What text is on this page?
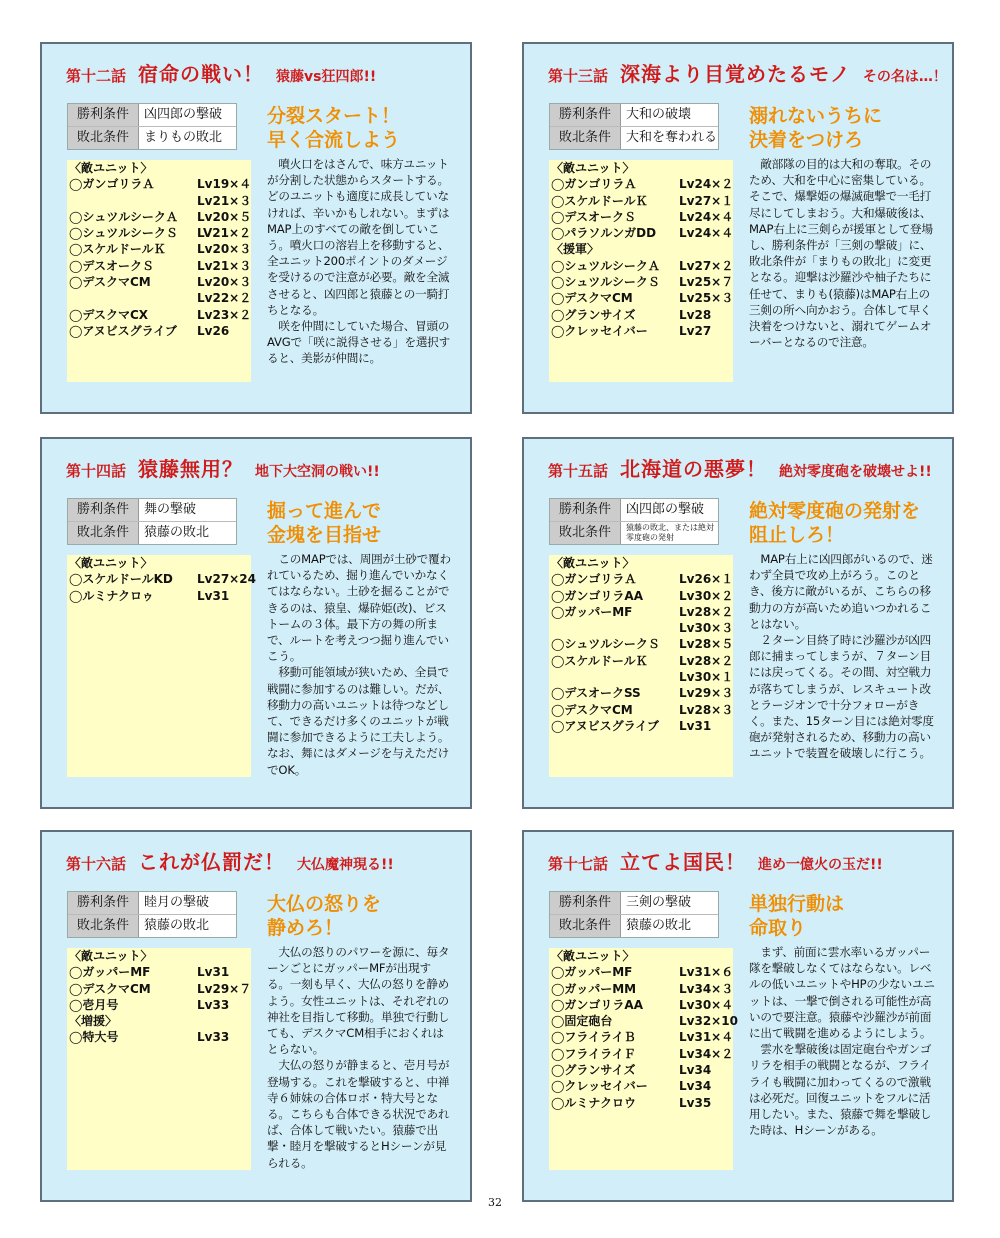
第十二話 宿命の戦い！ 猿藤vs狂四郎!!
勝利条件	凶四郎の撃破
敗北条件	まりもの敗北
〈敵ユニット〉
◯ガンゴリラＡ	Lv19×４
Lv21×３
◯シュツルシークＡ Lv20×５
◯シュツルシークＳ LV21×２
◯スケルドールＫ	Lv20×３
◯デスオークＳ	Lv21×３
◯デスクマCM	Lv20×３
Lv22×２
◯デスクマCX	Lv23×２
◯アヌビスグライブ Lv26
分裂スタート！
早く合流しよう
　噴火口をはさんで、味方ユニットが分割した状態からスタートする。どのユニットも適度に成長していなければ、辛いかもしれない。まずはMAP上のすべての敵を倒していこう。噴火口の溶岩上を移動すると、全ユニット200ポイントのダメージを受けるので注意が必要。敵を全滅させると、凶四郎と猿藤との一騎打ちとなる。
　咲を仲間にしていた場合、冒頭のAVGで「咲に説得させる」を選択すると、美影が仲間に。
第十三話 深海より目覚めたるモノ その名は…！
勝利条件	大和の破壊
敗北条件	大和を奪われる
〈敵ユニット〉
◯ガンゴリラＡ	Lv24×２
◯スケルドールＫ	Lv27×１
◯デスオークＳ	Lv24×４
◯パラソルンガDD Lv24×４
〈援軍〉
◯シュツルシークＡ Lv27×２
◯シュツルシークＳ Lv25×７
◯デスクマCM	Lv25×３
◯グランサイズ	Lv28
◯クレッセイバー	Lv27
溺れないうちに
決着をつけろ
　敵部隊の目的は大和の奪取。そのため、大和を中心に密集している。そこで、爆撃姫の爆滅砲撃で一毛打尽にしてしまおう。大和爆破後は、MAP右上に三剣らが援軍として登場し、勝利条件が「三剣の撃破」に、敗北条件が「まりもの敗北」に変更となる。迎撃は沙羅沙や柚子たちに任せて、まりも(猿藤)はMAP右上の三剣の所へ向かおう。合体して早く決着をつけないと、溺れてゲームオーバーとなるので注意。
第十四話 猿藤無用？ 地下大空洞の戦い!!
勝利条件	舞の撃破
敗北条件	猿藤の敗北
〈敵ユニット〉
◯スケルドールKD Lv27×24
◯ルミナクロゥ	Lv31
掘って進んで
金塊を目指せ
　このMAPでは、周囲が土砂で覆われているため、掘り進んでいかなくてはならない。土砂を掘ることができるのは、猿皇、爆砕姫(改)、ビストームの３体。最下方の舞の所まで、ルートを考えつつ掘り進んでいこう。
　移動可能領域が狭いため、全員で戦闘に参加するのは難しい。だが、移動力の高いユニットは待つなどして、できるだけ多くのユニットが戦闘に参加できるように工夫しよう。なお、舞にはダメージを与えただけでOK。
第十五話 北海道の悪夢！ 絶対零度砲を破壊せよ!!
勝利条件	凶四郎の撃破
敗北条件	猿藤の敗北、または絶対零度砲の発射
〈敵ユニット〉
◯ガンゴリラＡ	Lv26×１
◯ガンゴリラAA	Lv30×２
◯ガッパーMF	Lv28×２
Lv30×３
◯シュツルシークＳ Lv28×５
◯スケルドールＫ	Lv28×２
Lv30×１
◯デスオークSS	Lv29×３
◯デスクマCM	Lv28×３
◯アヌビスグライブ Lv31
絶対零度砲の発射を
阻止しろ！
　MAP右上に凶四郎がいるので、迷わず全員で攻め上がろう。このとき、後方に敵がいるが、こちらの移動力の方が高いため追いつかれることはない。
　２ターン目終了時に沙羅沙が凶四郎に捕まってしまうが、７ターン目には戻ってくる。その間、対空戦力が落ちてしまうが、レスキュート改とラージオンで十分フォローがきく。また、15ターン目には絶対零度砲が発射されるため、移動力の高いユニットで装置を破壊しに行こう。
第十六話 これが仏罰だ！ 大仏魔神現る!!
勝利条件	睦月の撃破
敗北条件	猿藤の敗北
〈敵ユニット〉
◯ガッパーMF	Lv31
◯デスクマCM	Lv29×７
◯壱月号	Lv33
〈増援〉
◯特大号	Lv33
大仏の怒りを
静めろ！
　大仏の怒りのパワーを源に、毎ターンごとにガッパーMFが出現する。一刻も早く、大仏の怒りを静めよう。女性ユニットは、それぞれの神社を目指して移動。単独で行動しても、デスクマCM相手におくれはとらない。
　大仏の怒りが静まると、壱月号が登場する。これを撃破すると、中禅寺６姉妹の合体ロボ・特大号となる。こちらも合体できる状況であれば、合体して戦いたい。猿藤で出撃・睦月を撃破するとHシーンが見られる。
第十七話 立てよ国民！ 進め一億火の玉だ!!
勝利条件	三剣の撃破
敗北条件	猿藤の敗北
〈敵ユニット〉
◯ガッパーMF	Lv31×６
◯ガッパーMM	Lv34×３
◯ガンゴリラAA	Lv30×４
◯固定砲台	Lv32×10
◯フライライＢ	Lv31×４
◯フライライＦ	Lv34×２
◯グランサイズ	Lv34
◯クレッセイバー	Lv34
◯ルミナクロウ	Lv35
単独行動は
命取り
　まず、前面に雲水率いるガッパー隊を撃破しなくてはならない。レベルの低いユニットやHPの少ないユニットは、一撃で倒される可能性が高いので要注意。猿藤や沙羅沙が前面に出て戦闘を進めるようにしよう。
　雲水を撃破後は固定砲台やガンゴリラを相手の戦闘となるが、フライライも戦闘に加わってくるので激戦は必死だ。回復ユニットをフルに活用したい。また、猿藤で舞を撃破した時は、Hシーンがある。
32
